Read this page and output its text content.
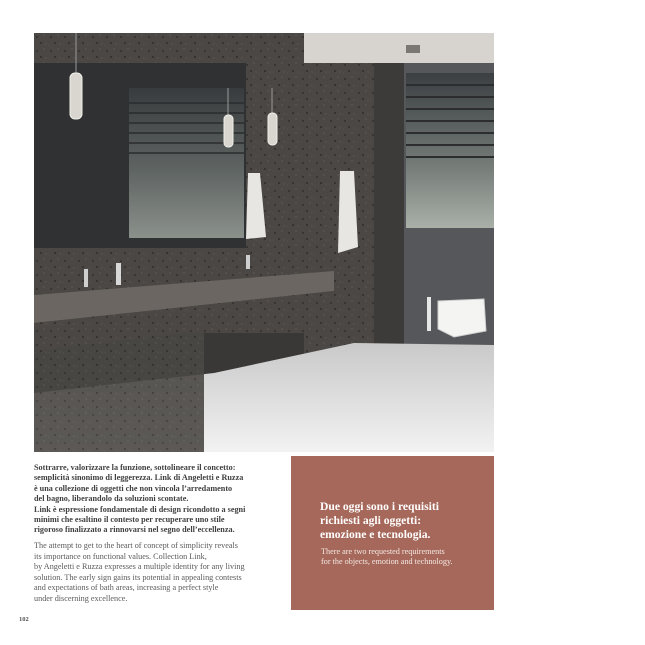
Sottrarre, valorizzare la funzione, sottolineare il concetto:

semplicità sinonimo di leggerezza. Link di Angeletti e Ruzza

è una collezione di oggetti che non vincola l’arredamento

del bagno, liberandolo da soluzioni scontate.

Link è espressione fondamentale di design ricondotto a segni

minimi che esaltino il contesto per recuperare uno stile

rigoroso finalizzato a rinnovarsi nel segno dell’eccellenza.

The attempt to get to the heart of concept of simplicity reveals
its importance on functional values. Collection Link,
by Angeletti e Ruzza expresses a multiple identity for any living
solution. The early sign gains its potential in appealing contests
and expectations of bath areas, increasing a perfect style
under discerning excellence.
Due oggi sono i requisiti
richiesti agli oggetti:
emozione e tecnologia.
There are two requested requirements
for the objects, emotion and technology.
102
